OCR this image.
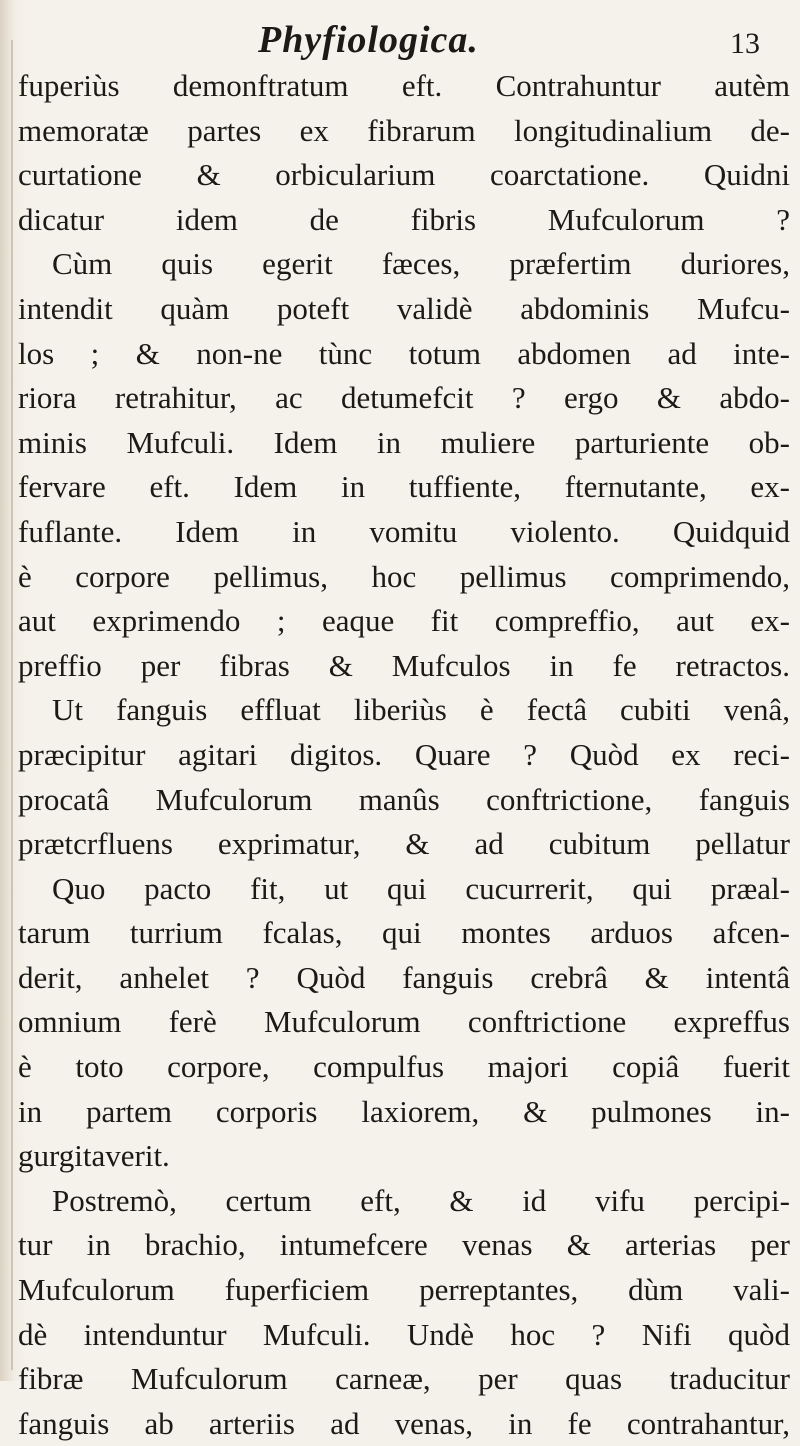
Phyfiologica.	13
fuperiùs demonftratum eft. Contrahuntur autèm
memoratæ partes ex fibrarum longitudinalium de-
curtatione & orbicularium coarctatione. Quidni
dicatur idem de fibris Mufculorum ?
Cùm quis egerit fæces, præfertim duriores,
intendit quàm poteft validè abdominis Mufcu-
los ; & non-ne tùnc totum abdomen ad inte-
riora retrahitur, ac detumefcit ? ergo & abdo-
minis Mufculi. Idem in muliere parturiente ob-
fervare eft. Idem in tuffiente, fternutante, ex-
fuflante. Idem in vomitu violento. Quidquid
è corpore pellimus, hoc pellimus comprimendo,
aut exprimendo ; eaque fit compreffio, aut ex-
preffio per fibras & Mufculos in fe retractos.
Ut fanguis effluat liberiùs è fectâ cubiti venâ,
præcipitur agitari digitos. Quare ? Quòd ex reci-
procatâ Mufculorum manûs conftrictione, fanguis
prætcrfluens exprimatur, & ad cubitum pellatur
Quo pacto fit, ut qui cucurrerit, qui præal-
tarum turrium fcalas, qui montes arduos afcen-
derit, anhelet ? Quòd fanguis crebrâ & intentâ
omnium ferè Mufculorum conftrictione expreffus
è toto corpore, compulfus majori copiâ fuerit
in partem corporis laxiorem, & pulmones in-
gurgitaverit.
Postremò, certum eft, & id vifu percipi-
tur in brachio, intumefcere venas & arterias per
Mufculorum fuperficiem perreptantes, dùm vali-
dè intenduntur Mufculi. Undè hoc ? Nifi quòd
fibræ Mufculorum carneæ, per quas traducitur
fanguis ab arteriis ad venas, in fe contrahantur,
